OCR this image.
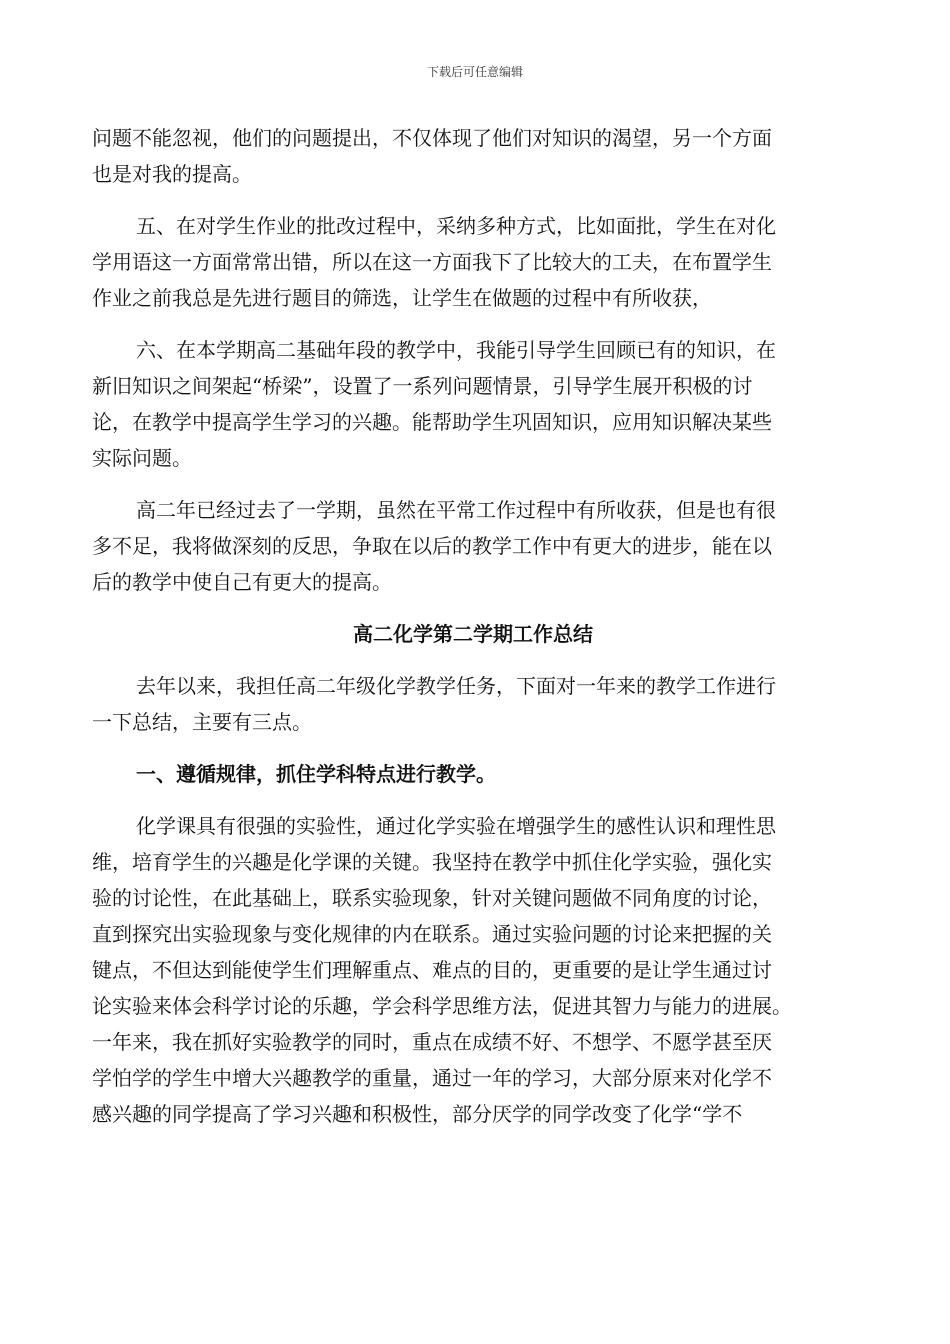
下载后可任意编辑

问题不能忽视，他们的问题提出，不仅体现了他们对知识的渴望，另一个方面
也是对我的提高。

五、在对学生作业的批改过程中，采纳多种方式，比如面批，学生在对化
学用语这一方面常常出错，所以在这一方面我下了比较大的工夫，在布置学生
作业之前我总是先进行题目的筛选，让学生在做题的过程中有所收获，

六、在本学期高二基础年段的教学中，我能引导学生回顾已有的知识，在
新旧知识之间架起“桥梁”，设置了一系列问题情景，引导学生展开积极的讨
论，在教学中提高学生学习的兴趣。能帮助学生巩固知识，应用知识解决某些
实际问题。

高二年已经过去了一学期，虽然在平常工作过程中有所收获，但是也有很
多不足，我将做深刻的反思，争取在以后的教学工作中有更大的进步，能在以
后的教学中使自己有更大的提高。

高二化学第二学期工作总结

去年以来，我担任高二年级化学教学任务，下面对一年来的教学工作进行
一下总结，主要有三点。

一、遵循规律，抓住学科特点进行教学。

化学课具有很强的实验性，通过化学实验在增强学生的感性认识和理性思
维，培育学生的兴趣是化学课的关键。我坚持在教学中抓住化学实验，强化实
验的讨论性，在此基础上，联系实验现象，针对关键问题做不同角度的讨论，
直到探究出实验现象与变化规律的内在联系。通过实验问题的讨论来把握的关
键点，不但达到能使学生们理解重点、难点的目的，更重要的是让学生通过讨
论实验来体会科学讨论的乐趣，学会科学思维方法，促进其智力与能力的进展。
一年来，我在抓好实验教学的同时，重点在成绩不好、不想学、不愿学甚至厌
学怕学的学生中增大兴趣教学的重量，通过一年的学习，大部分原来对化学不
感兴趣的同学提高了学习兴趣和积极性，部分厌学的同学改变了化学“学不
